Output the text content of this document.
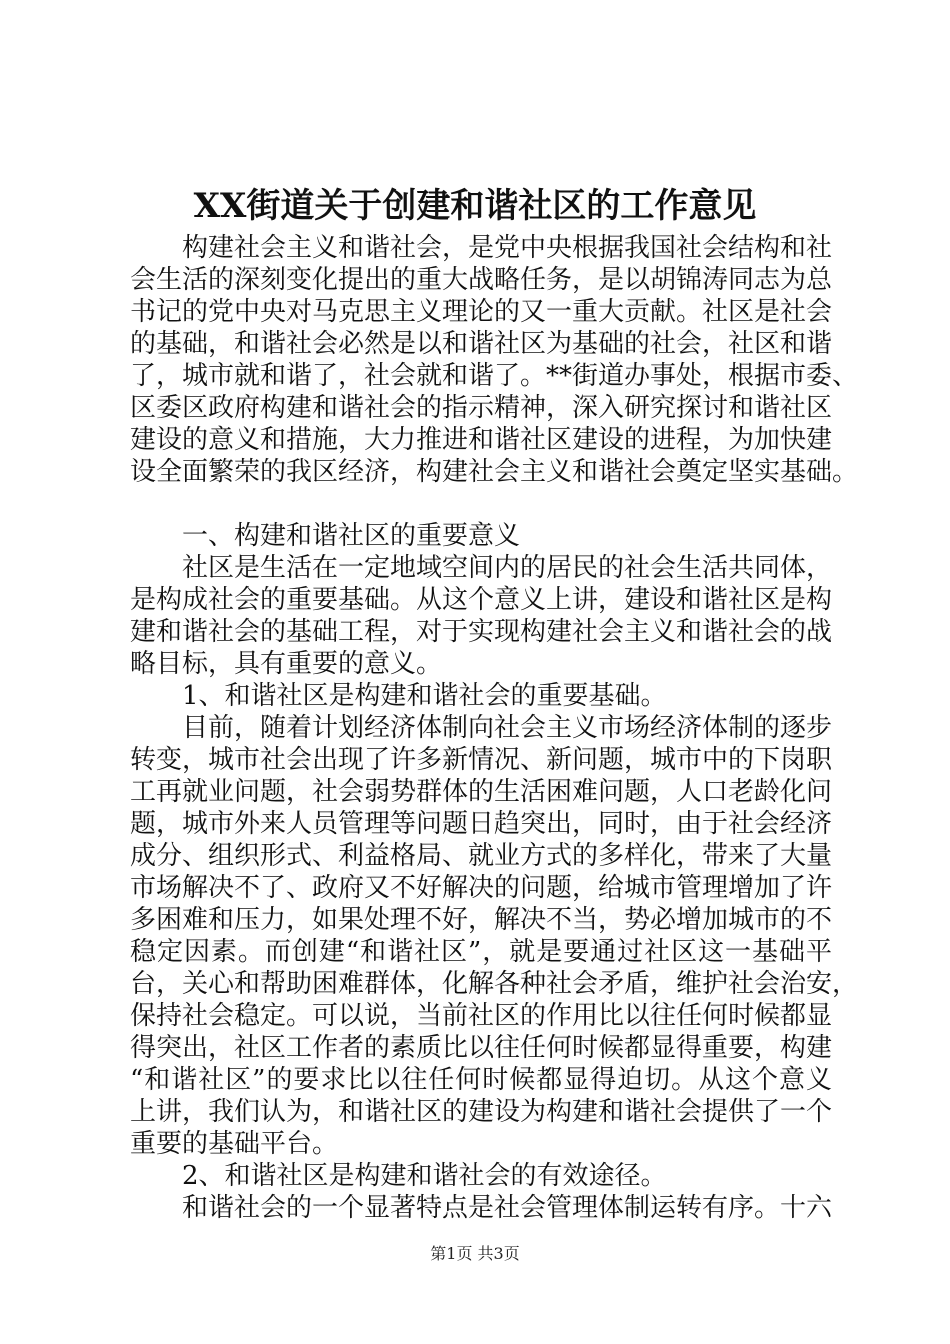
XX街道关于创建和谐社区的工作意见
构建社会主义和谐社会，是党中央根据我国社会结构和社
会生活的深刻变化提出的重大战略任务，是以胡锦涛同志为总
书记的党中央对马克思主义理论的又一重大贡献。社区是社会
的基础，和谐社会必然是以和谐社区为基础的社会，社区和谐
了，城市就和谐了，社会就和谐了。**街道办事处，根据市委、
区委区政府构建和谐社会的指示精神，深入研究探讨和谐社区
建设的意义和措施，大力推进和谐社区建设的进程，为加快建
设全面繁荣的我区经济，构建社会主义和谐社会奠定坚实基础。
一、构建和谐社区的重要意义
社区是生活在一定地域空间内的居民的社会生活共同体，
是构成社会的重要基础。从这个意义上讲，建设和谐社区是构
建和谐社会的基础工程，对于实现构建社会主义和谐社会的战
略目标，具有重要的意义。
1、和谐社区是构建和谐社会的重要基础。
目前，随着计划经济体制向社会主义市场经济体制的逐步
转变，城市社会出现了许多新情况、新问题，城市中的下岗职
工再就业问题，社会弱势群体的生活困难问题，人口老龄化问
题，城市外来人员管理等问题日趋突出，同时，由于社会经济
成分、组织形式、利益格局、就业方式的多样化，带来了大量
市场解决不了、政府又不好解决的问题，给城市管理增加了许
多困难和压力，如果处理不好，解决不当，势必增加城市的不
稳定因素。而创建“和谐社区”，就是要通过社区这一基础平
台，关心和帮助困难群体，化解各种社会矛盾，维护社会治安，
保持社会稳定。可以说，当前社区的作用比以往任何时候都显
得突出，社区工作者的素质比以往任何时候都显得重要，构建
“和谐社区”的要求比以往任何时候都显得迫切。从这个意义
上讲，我们认为，和谐社区的建设为构建和谐社会提供了一个
重要的基础平台。
2、和谐社区是构建和谐社会的有效途径。
和谐社会的一个显著特点是社会管理体制运转有序。十六
第1页 共3页
